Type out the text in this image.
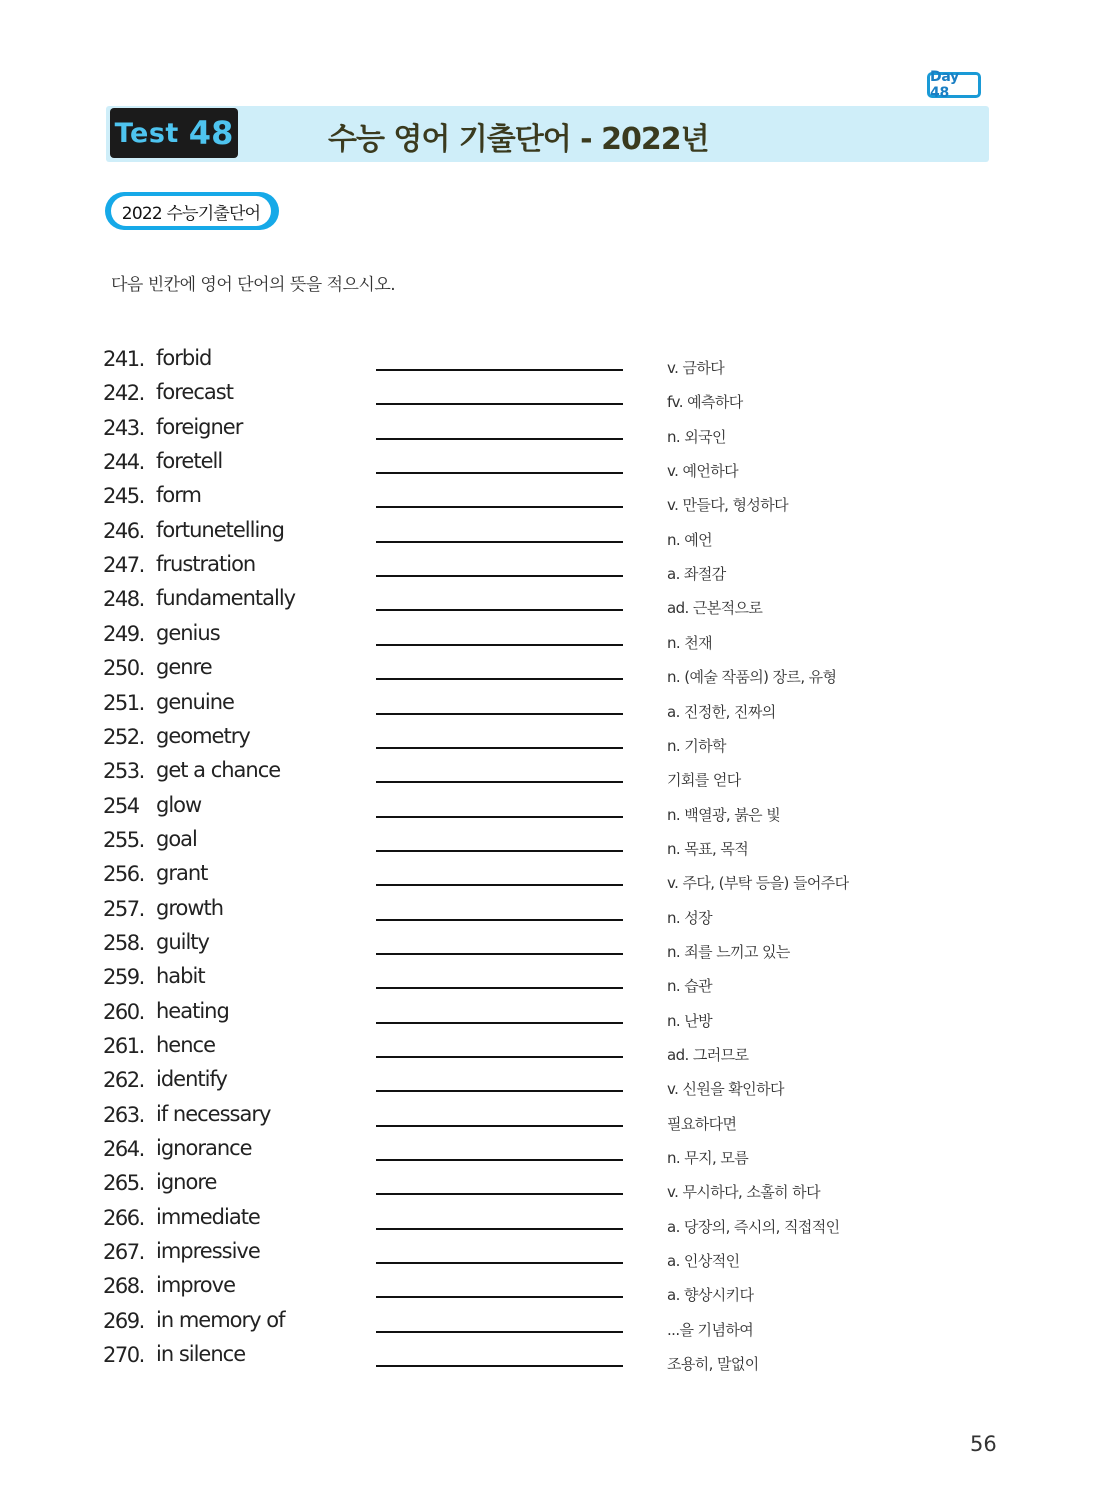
Day 48
Test 48	수능 영어 기출단어 - 2022년
2022 수능기출단어
다음 빈칸에 영어 단어의 뜻을 적으시오.
241. forbid	v. 금하다
242. forecast	fv. 예측하다
243. foreigner	n. 외국인
244. foretell	v. 예언하다
245. form	v. 만들다, 형성하다
246. fortunetelling	n. 예언
247. frustration	a. 좌절감
248. fundamentally	ad. 근본적으로
249. genius	n. 천재
250. genre	n. (예술 작품의) 장르, 유형
251. genuine	a. 진정한, 진짜의
252. geometry	n. 기하학
253. get a chance	기회를 얻다
254 glow	n. 백열광, 붉은 빛
255. goal	n. 목표, 목적
256. grant	v. 주다, (부탁 등을) 들어주다
257. growth	n. 성장
258. guilty	n. 죄를 느끼고 있는
259. habit	n. 습관
260. heating	n. 난방
261. hence	ad. 그러므로
262. identify	v. 신원을 확인하다
263. if necessary	필요하다면
264. ignorance	n. 무지, 모름
265. ignore	v. 무시하다, 소홀히 하다
266. immediate	a. 당장의, 즉시의, 직접적인
267. impressive	a. 인상적인
268. improve	a. 향상시키다
269. in memory of	...을 기념하여
270. in silence	조용히, 말없이
56
